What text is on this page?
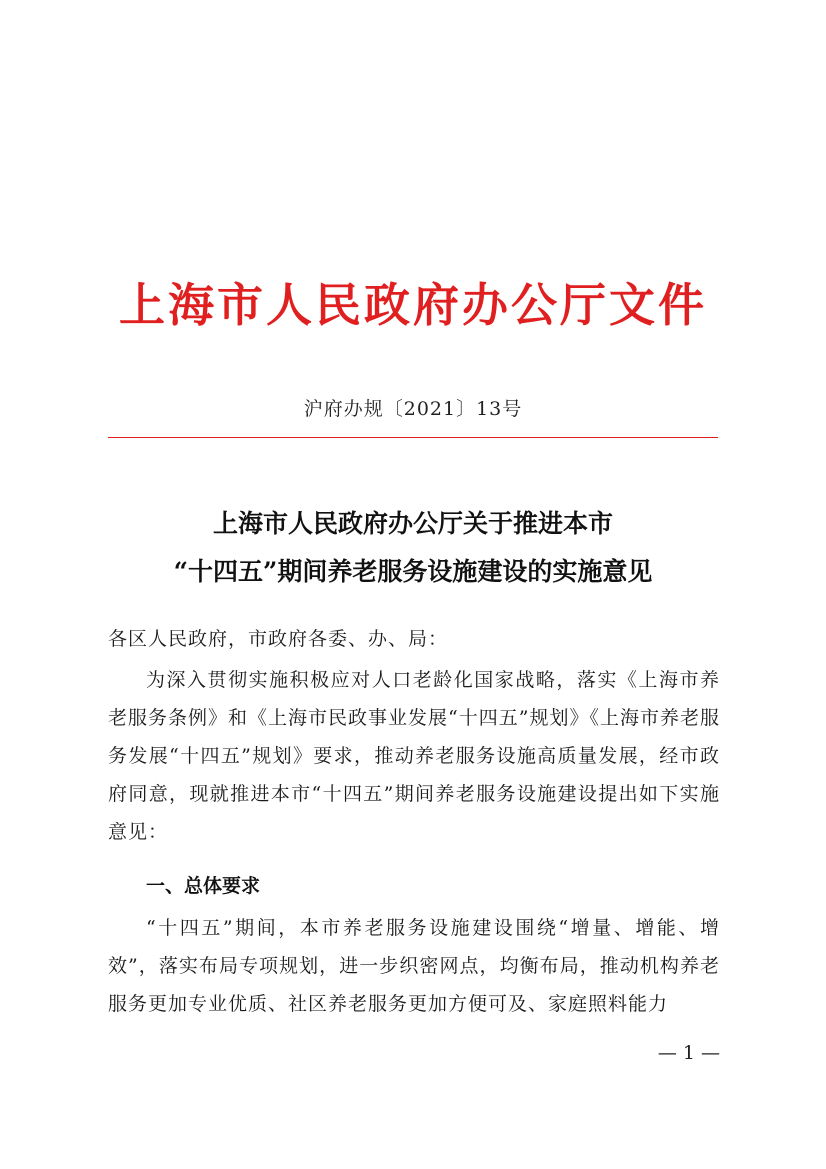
上海市人民政府办公厅文件
沪府办规〔2021〕13号
上海市人民政府办公厅关于推进本市
“十四五”期间养老服务设施建设的实施意见
各区人民政府，市政府各委、办、局：
为深入贯彻实施积极应对人口老龄化国家战略，落实《上海市养老服务条例》和《上海市民政事业发展“十四五”规划》《上海市养老服务发展“十四五”规划》要求，推动养老服务设施高质量发展，经市政府同意，现就推进本市“十四五”期间养老服务设施建设提出如下实施意见：
一、总体要求
“十四五”期间，本市养老服务设施建设围绕“增量、增能、增效”，落实布局专项规划，进一步织密网点，均衡布局，推动机构养老服务更加专业优质、社区养老服务更加方便可及、家庭照料能力
— 1 —
